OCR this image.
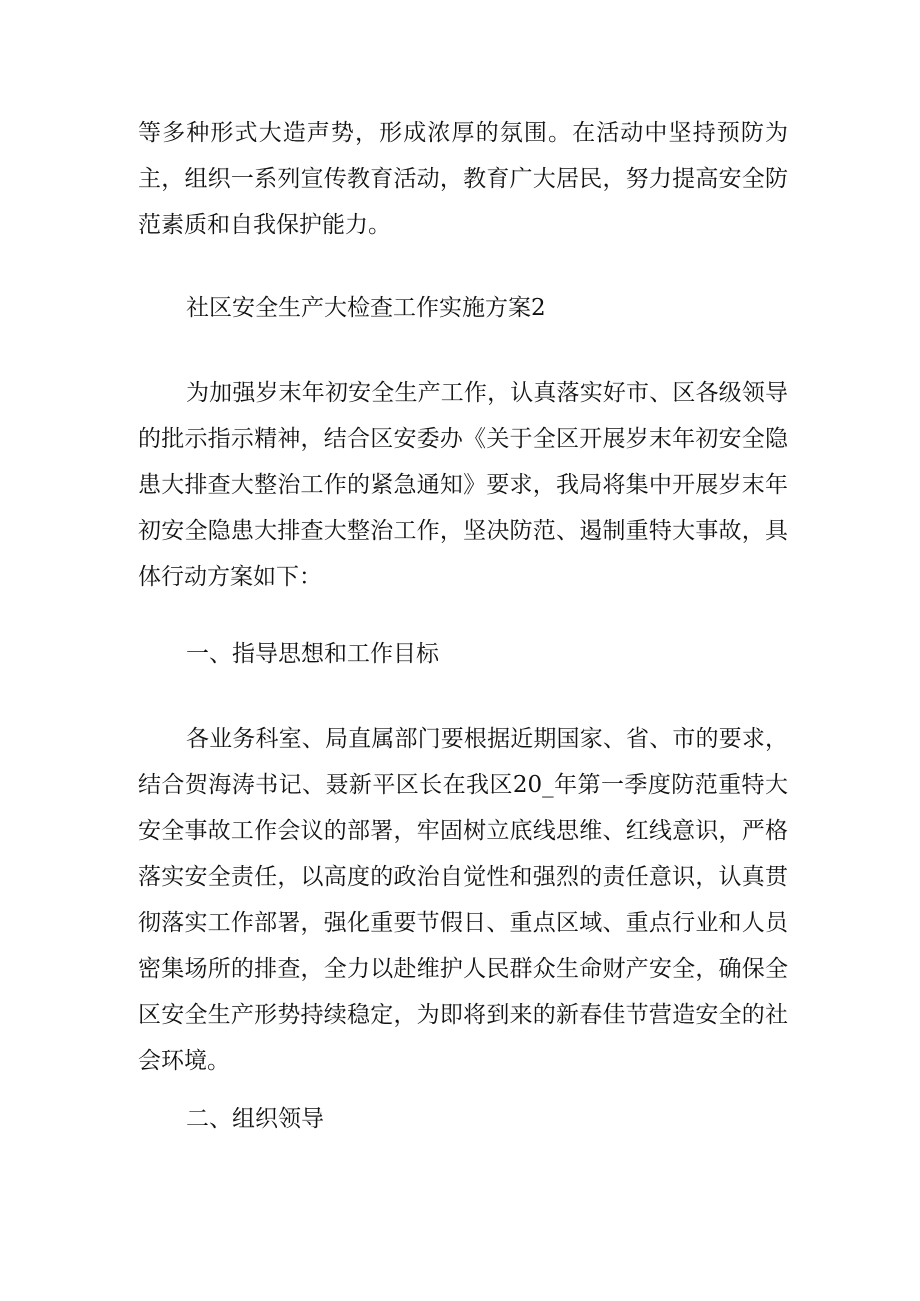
等多种形式大造声势，形成浓厚的氛围。在活动中坚持预防为主，组织一系列宣传教育活动，教育广大居民，努力提高安全防范素质和自我保护能力。

社区安全生产大检查工作实施方案2

为加强岁末年初安全生产工作，认真落实好市、区各级领导的批示指示精神，结合区安委办《关于全区开展岁末年初安全隐患大排查大整治工作的紧急通知》要求，我局将集中开展岁末年初安全隐患大排查大整治工作，坚决防范、遏制重特大事故，具体行动方案如下：

一、指导思想和工作目标

各业务科室、局直属部门要根据近期国家、省、市的要求，结合贺海涛书记、聂新平区长在我区20_年第一季度防范重特大安全事故工作会议的部署，牢固树立底线思维、红线意识，严格落实安全责任，以高度的政治自觉性和强烈的责任意识，认真贯彻落实工作部署，强化重要节假日、重点区域、重点行业和人员密集场所的排查，全力以赴维护人民群众生命财产安全，确保全区安全生产形势持续稳定，为即将到来的新春佳节营造安全的社会环境。

二、组织领导
